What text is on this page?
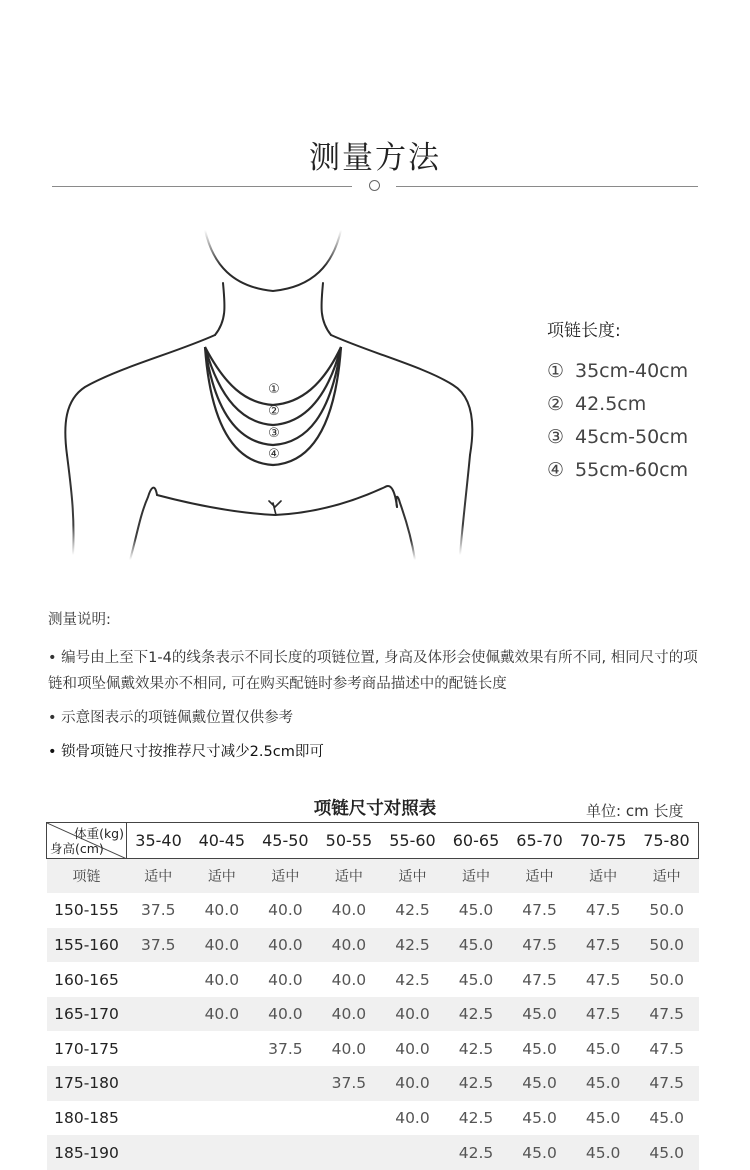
测量方法
①
②
③
④
项链长度:
① 35cm-40cm
② 42.5cm
③ 45cm-50cm
④ 55cm-60cm
测量说明:
• 编号由上至下1-4的线条表示不同长度的项链位置, 身高及体形会使佩戴效果有所不同, 相同尺寸的项链和项坠佩戴效果亦不相同, 可在购买配链时参考商品描述中的配链长度
• 示意图表示的项链佩戴位置仅供参考
• 锁骨项链尺寸按推荐尺寸减少2.5cm即可
项链尺寸对照表	单位: cm 长度
体重(kg)
身高(cm)	35-40	40-45	45-50	50-55	55-60	60-65	65-70	70-75	75-80
项链	适中	适中	适中	适中	适中	适中	适中	适中	适中
150-155	37.5	40.0	40.0	40.0	42.5	45.0	47.5	47.5	50.0
155-160	37.5	40.0	40.0	40.0	42.5	45.0	47.5	47.5	50.0
160-165		40.0	40.0	40.0	42.5	45.0	47.5	47.5	50.0
165-170		40.0	40.0	40.0	40.0	42.5	45.0	47.5	47.5
170-175			37.5	40.0	40.0	42.5	45.0	45.0	47.5
175-180				37.5	40.0	42.5	45.0	45.0	47.5
180-185					40.0	42.5	45.0	45.0	45.0
185-190						42.5	45.0	45.0	45.0
